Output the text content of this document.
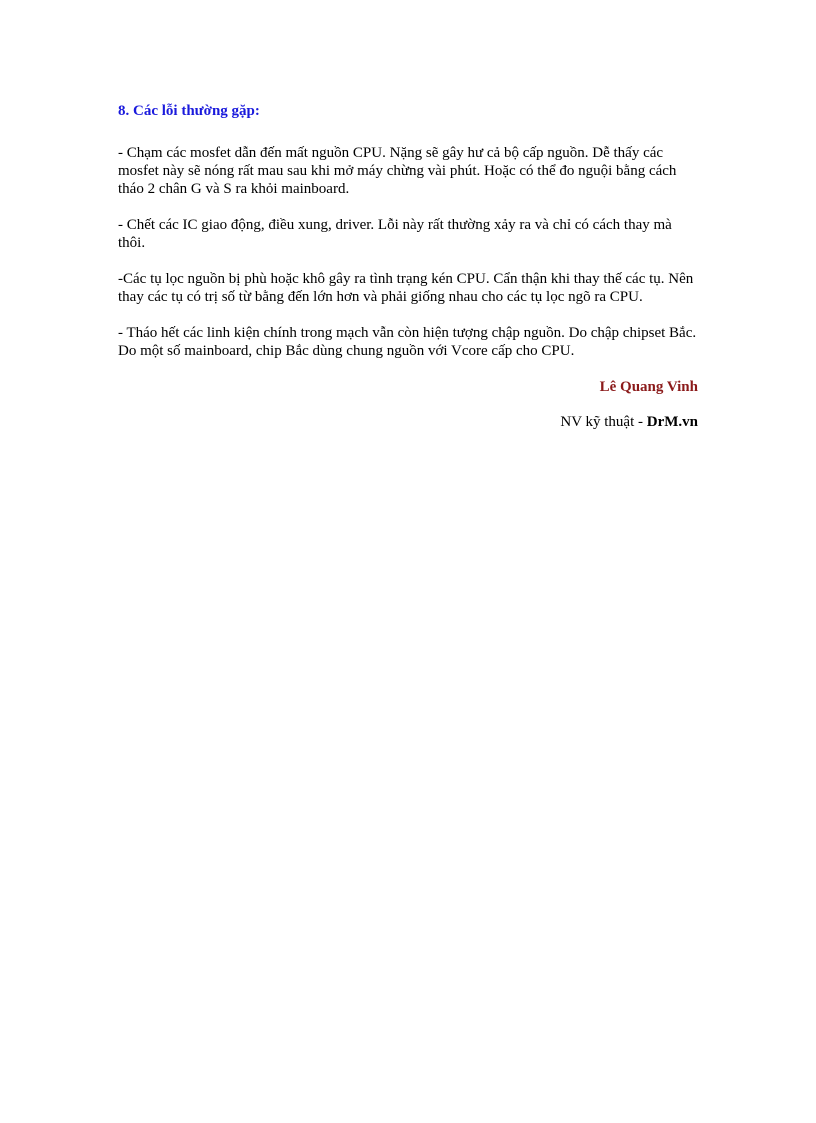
8. Các lỗi thường gặp:

- Chạm các mosfet dẫn đến mất nguồn CPU. Nặng sẽ gây hư cả bộ cấp nguồn. Dễ thấy các mosfet này sẽ nóng rất mau sau khi mở máy chừng vài phút. Hoặc có thể đo nguội bằng cách tháo 2 chân G và S ra khỏi mainboard.

- Chết các IC giao động, điều xung, driver. Lỗi này rất thường xảy ra và chỉ có cách thay mà thôi.

-Các tụ lọc nguồn bị phù hoặc khô gây ra tình trạng kén CPU. Cẩn thận khi thay thế các tụ. Nên thay các tụ có trị số từ bằng đến lớn hơn và phải giống nhau cho các tụ lọc ngõ ra CPU.

- Tháo hết các linh kiện chính trong mạch vẫn còn hiện tượng chập nguồn. Do chập chipset Bắc. Do một số mainboard, chip Bắc dùng chung nguồn với Vcore cấp cho CPU.

Lê Quang Vinh

NV kỹ thuật - DrM.vn
